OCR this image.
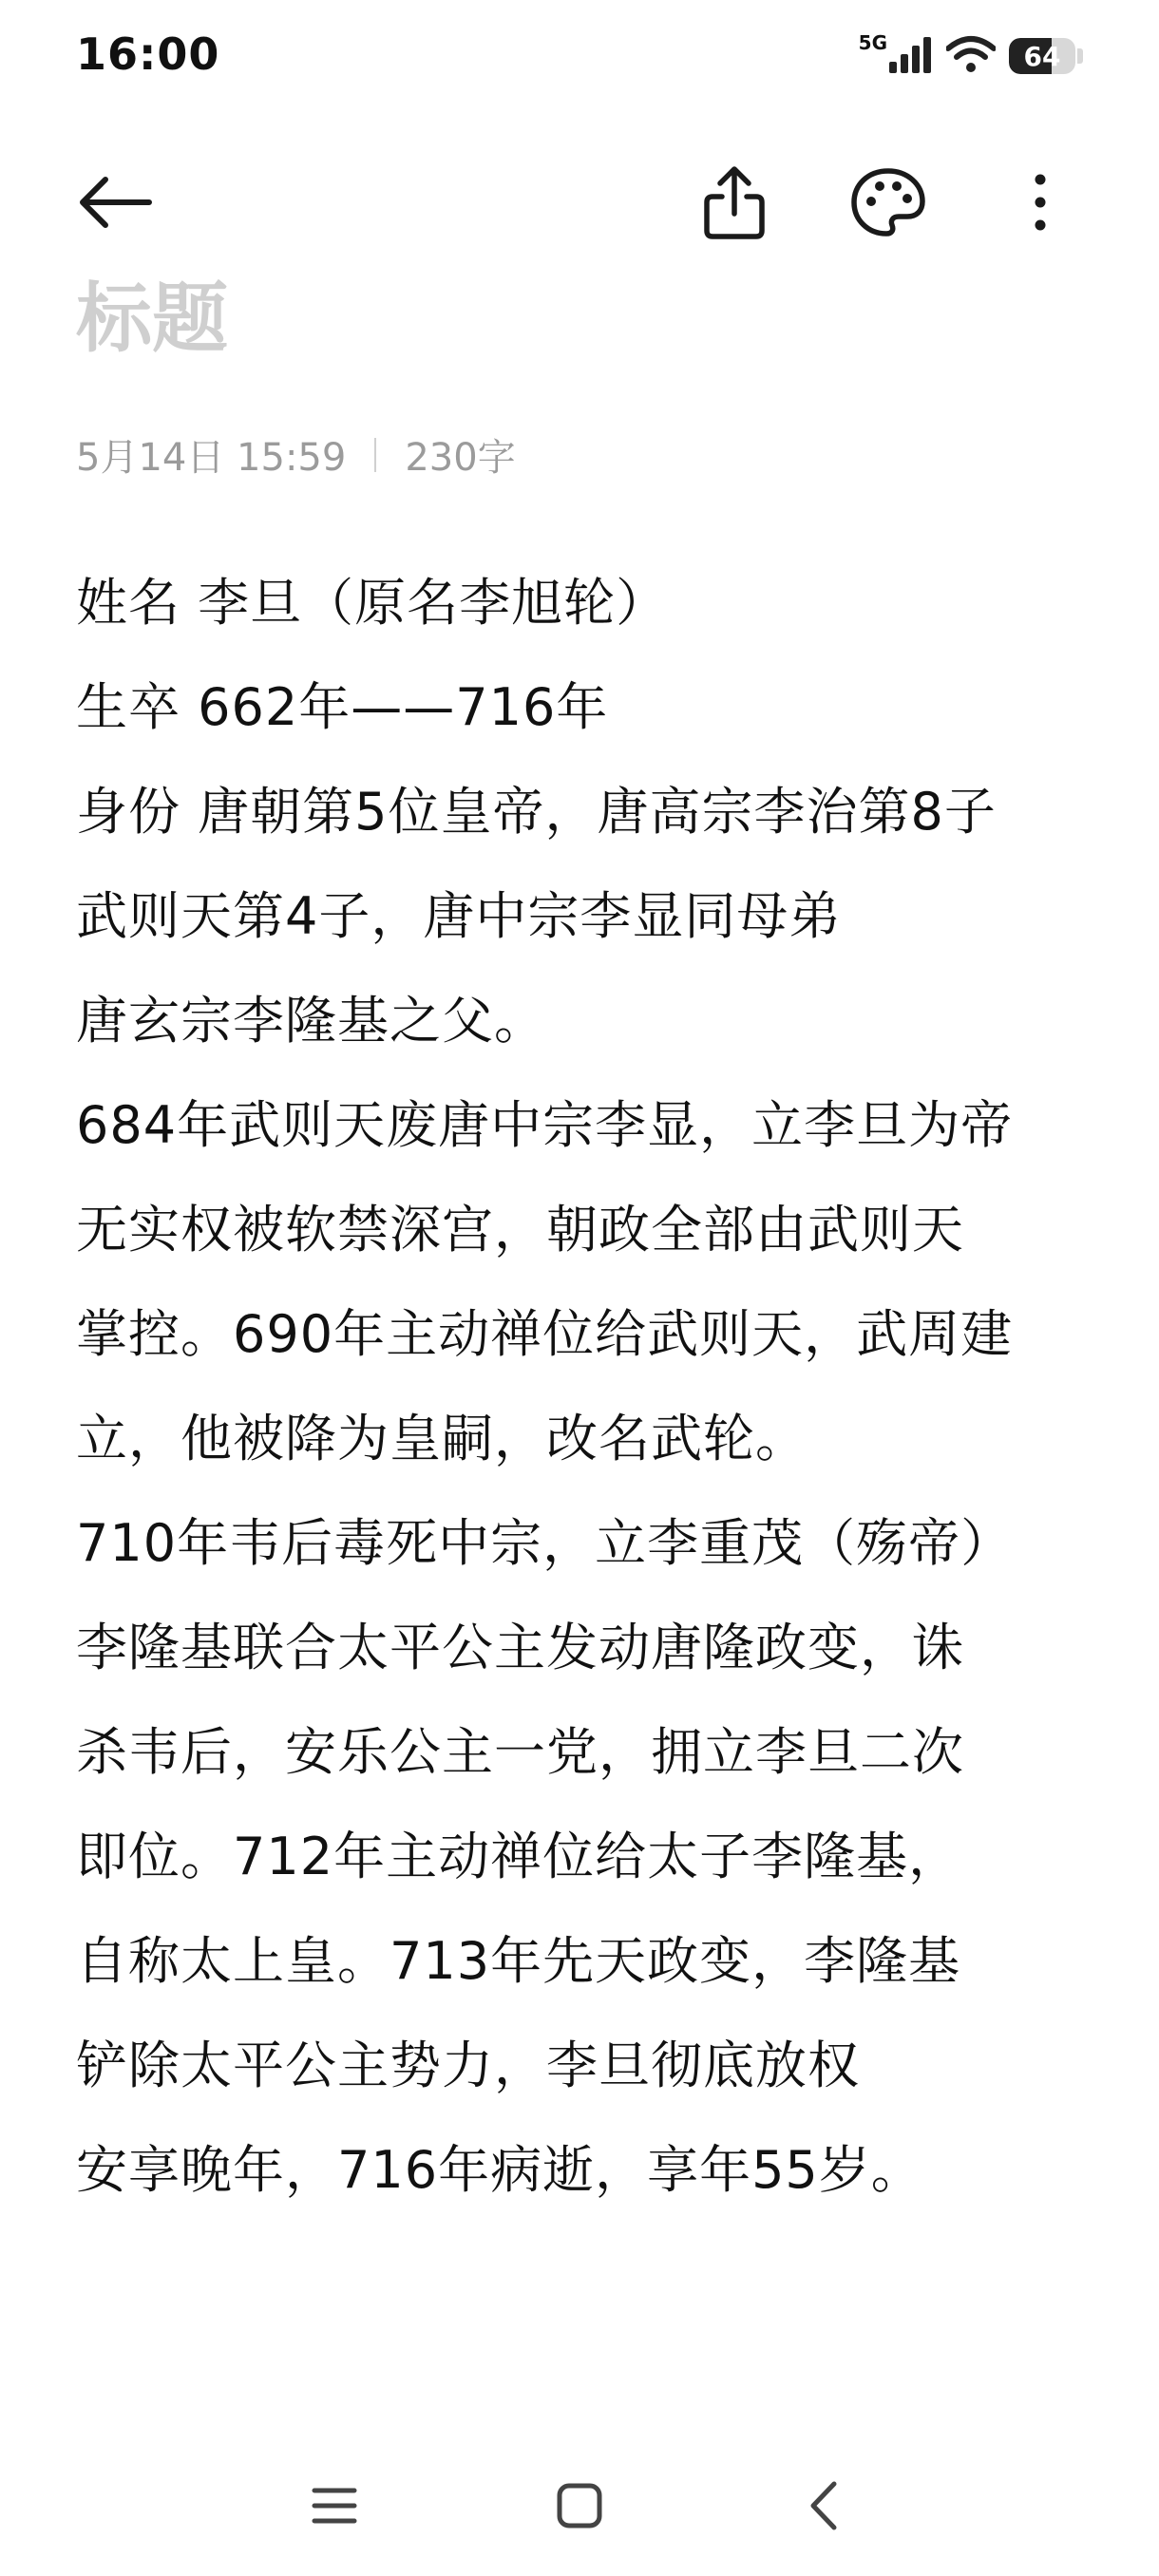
16:00	5G	64
标题
5月14日 15:59 230字
姓名 李旦（原名李旭轮）
生卒 662年——716年
身份 唐朝第5位皇帝，唐高宗李治第8子
武则天第4子，唐中宗李显同母弟
唐玄宗李隆基之父。
684年武则天废唐中宗李显，立李旦为帝
无实权被软禁深宫，朝政全部由武则天
掌控。690年主动禅位给武则天，武周建
立，他被降为皇嗣，改名武轮。
710年韦后毒死中宗，立李重茂（殇帝）
李隆基联合太平公主发动唐隆政变，诛
杀韦后，安乐公主一党，拥立李旦二次
即位。712年主动禅位给太子李隆基，
自称太上皇。713年先天政变，李隆基
铲除太平公主势力，李旦彻底放权
安享晚年，716年病逝，享年55岁。
